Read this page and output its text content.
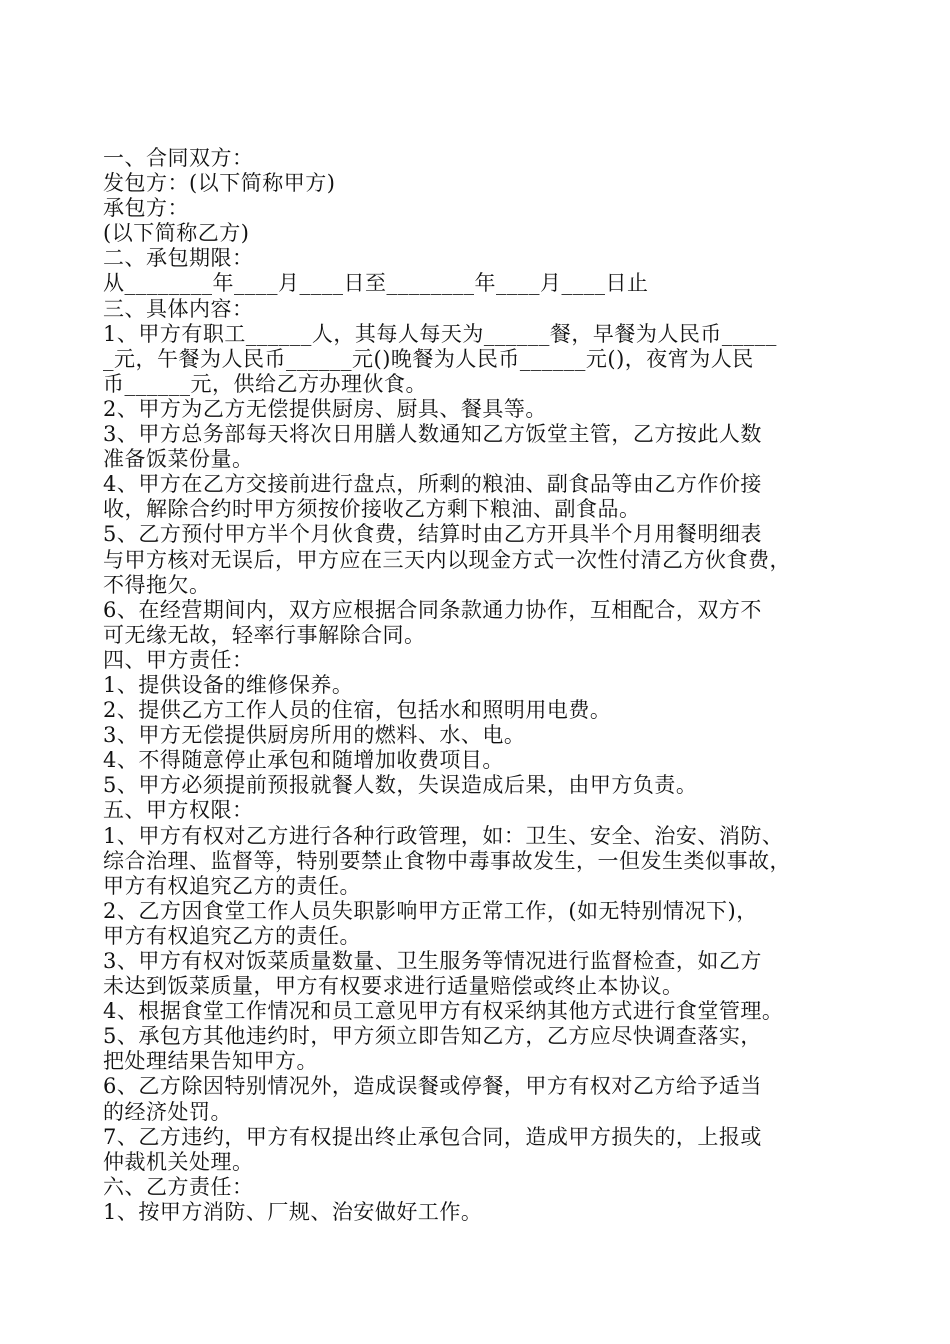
一、合同双方：
发包方：(以下简称甲方)
承包方：
(以下简称乙方)
二、承包期限：
从________年____月____日至________年____月____日止
三、具体内容：
1、甲方有职工______人，其每人每天为______餐，早餐为人民币_____
_元，午餐为人民币______元()晚餐为人民币______元()，夜宵为人民
币______元，供给乙方办理伙食。
2、甲方为乙方无偿提供厨房、厨具、餐具等。
3、甲方总务部每天将次日用膳人数通知乙方饭堂主管，乙方按此人数
准备饭菜份量。
4、甲方在乙方交接前进行盘点，所剩的粮油、副食品等由乙方作价接
收，解除合约时甲方须按价接收乙方剩下粮油、副食品。
5、乙方预付甲方半个月伙食费，结算时由乙方开具半个月用餐明细表
与甲方核对无误后，甲方应在三天内以现金方式一次性付清乙方伙食费，
不得拖欠。
6、在经营期间内，双方应根据合同条款通力协作，互相配合，双方不
可无缘无故，轻率行事解除合同。
四、甲方责任：
1、提供设备的维修保养。
2、提供乙方工作人员的住宿，包括水和照明用电费。
3、甲方无偿提供厨房所用的燃料、水、电。
4、不得随意停止承包和随增加收费项目。
5、甲方必须提前预报就餐人数，失误造成后果，由甲方负责。
五、甲方权限：
1、甲方有权对乙方进行各种行政管理，如：卫生、安全、治安、消防、
综合治理、监督等，特别要禁止食物中毒事故发生，一但发生类似事故，
甲方有权追究乙方的责任。
2、乙方因食堂工作人员失职影响甲方正常工作，(如无特别情况下)，
甲方有权追究乙方的责任。
3、甲方有权对饭菜质量数量、卫生服务等情况进行监督检查，如乙方
未达到饭菜质量，甲方有权要求进行适量赔偿或终止本协议。
4、根据食堂工作情况和员工意见甲方有权采纳其他方式进行食堂管理。
5、承包方其他违约时，甲方须立即告知乙方，乙方应尽快调查落实，
把处理结果告知甲方。
6、乙方除因特别情况外，造成误餐或停餐，甲方有权对乙方给予适当
的经济处罚。
7、乙方违约，甲方有权提出终止承包合同，造成甲方损失的，上报或
仲裁机关处理。
六、乙方责任：
1、按甲方消防、厂规、治安做好工作。
